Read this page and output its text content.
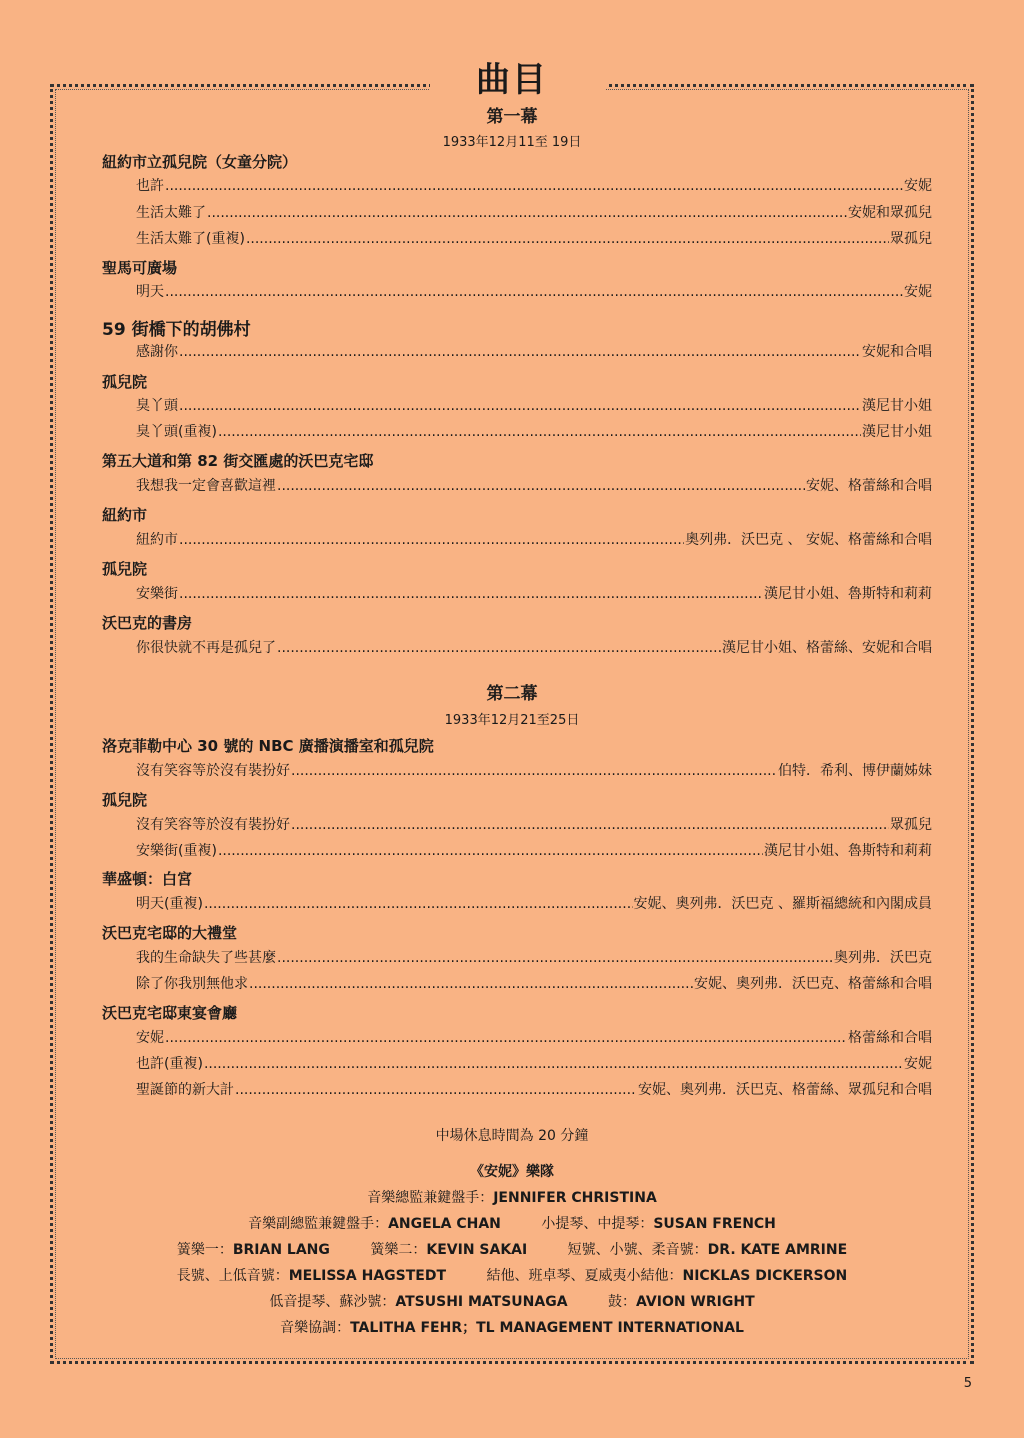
曲目
第一幕
1933年12月11至 19日
紐約市立孤兒院（女童分院）
也許 .....	安妮
生活太難了 .....	安妮和眾孤兒
生活太難了(重複) .....	眾孤兒
聖馬可廣場
明天 .....	安妮
59 街橋下的胡佛村
感謝你 .....	安妮和合唱
孤兒院
臭丫頭 .....	漢尼甘小姐
臭丫頭(重複) .....	漢尼甘小姐
第五大道和第 82 街交匯處的沃巴克宅邸
我想我一定會喜歡這裡 .....	安妮、格蕾絲和合唱
紐約市
紐約市 .....	奧列弗．沃巴克 、 安妮、格蕾絲和合唱
孤兒院
安樂街 .....	漢尼甘小姐、魯斯特和莉莉
沃巴克的書房
你很快就不再是孤兒了 .....	漢尼甘小姐、格蕾絲、安妮和合唱
第二幕
1933年12月21至25日
洛克菲勒中心 30 號的 NBC 廣播演播室和孤兒院
沒有笑容等於沒有裝扮好 .....	伯特．希利、博伊蘭姊妹
孤兒院
沒有笑容等於沒有裝扮好 .....	眾孤兒
安樂街(重複) .....	漢尼甘小姐、魯斯特和莉莉
華盛頓：白宮
明天(重複) .....	安妮、奧列弗．沃巴克 、羅斯福總統和內閣成員
沃巴克宅邸的大禮堂
我的生命缺失了些甚麼 .....	奧列弗．沃巴克
除了你我別無他求 .....	安妮、奧列弗．沃巴克、格蕾絲和合唱
沃巴克宅邸東宴會廳
安妮 .....	格蕾絲和合唱
也許(重複) .....	安妮
聖誕節的新大計 .....	安妮、奧列弗．沃巴克、格蕾絲、眾孤兒和合唱
中場休息時間為 20 分鐘
《安妮》樂隊
音樂總監兼鍵盤手：JENNIFER CHRISTINA
音樂副總監兼鍵盤手：ANGELA CHAN	小提琴、中提琴：SUSAN FRENCH
簧樂一：BRIAN LANG	簧樂二：KEVIN SAKAI	短號、小號、柔音號：DR. KATE AMRINE
長號、上低音號：MELISSA HAGSTEDT	結他、班卓琴、夏威夷小結他：NICKLAS DICKERSON
低音提琴、蘇沙號：ATSUSHI MATSUNAGA	鼓：AVION WRIGHT
音樂協調：TALITHA FEHR；TL MANAGEMENT INTERNATIONAL
5
